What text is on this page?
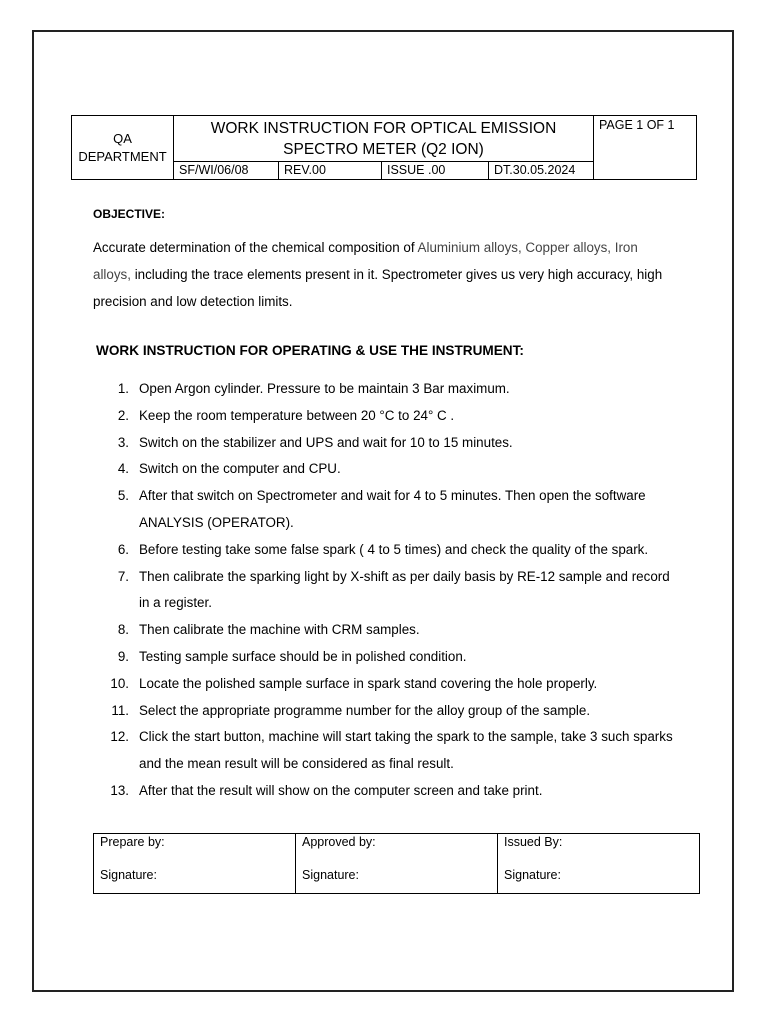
QA
DEPARTMENT
WORK INSTRUCTION FOR OPTICAL EMISSION SPECTRO METER (Q2 ION)
PAGE 1 OF 1
SF/WI/06/08	REV.00	ISSUE .00	DT.30.05.2024
OBJECTIVE:
Accurate determination of the chemical composition of Aluminium alloys, Copper alloys, Iron alloys, including the trace elements present in it. Spectrometer gives us very high accuracy, high precision and low detection limits.
WORK INSTRUCTION FOR OPERATING & USE THE INSTRUMENT:
1. Open Argon cylinder. Pressure to be maintain 3 Bar maximum.
2. Keep the room temperature between 20 °C to 24° C .
3. Switch on the stabilizer and UPS and wait for 10 to 15 minutes.
4. Switch on the computer and CPU.
5. After that switch on Spectrometer and wait for 4 to 5 minutes. Then open the software ANALYSIS (OPERATOR).
6. Before testing take some false spark ( 4 to 5 times) and check the quality of the spark.
7. Then calibrate the sparking light by X-shift as per daily basis by RE-12 sample and record in a register.
8. Then calibrate the machine with CRM samples.
9. Testing sample surface should be in polished condition.
10. Locate the polished sample surface in spark stand covering the hole properly.
11. Select the appropriate programme number for the alloy group of the sample.
12. Click the start button, machine will start taking the spark to the sample, take 3 such sparks and the mean result will be considered as final result.
13. After that the result will show on the computer screen and take print.
Prepare by:
Signature:
Approved by:
Signature:
Issued By:
Signature:
